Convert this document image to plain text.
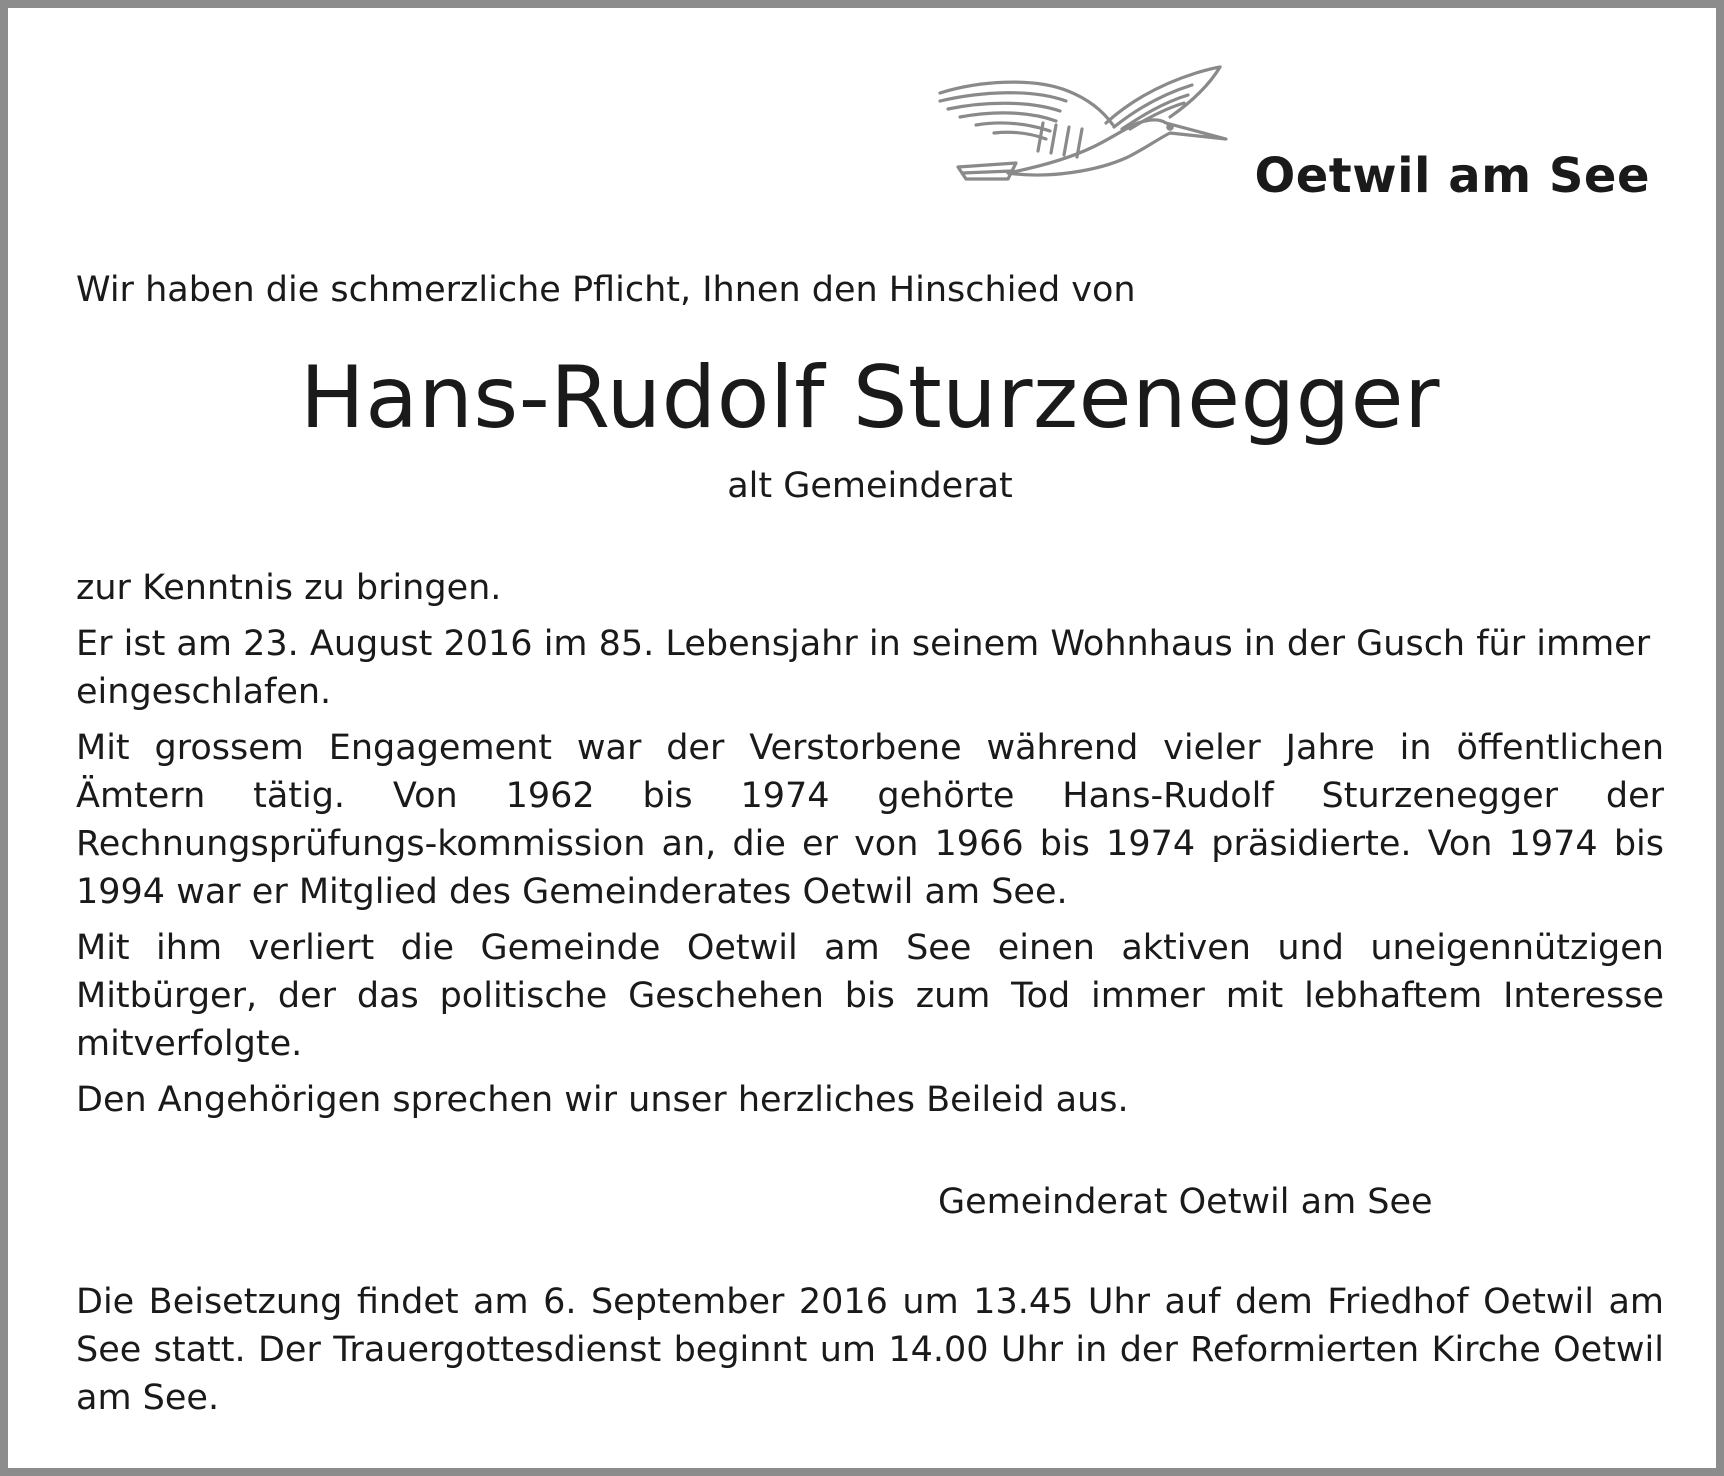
Oetwil am See
Wir haben die schmerzliche Pflicht, Ihnen den Hinschied von
Hans-Rudolf Sturzenegger
alt Gemeinderat

zur Kenntnis zu bringen.

Er ist am 23. August 2016 im 85. Lebensjahr in seinem Wohnhaus in der Gusch für immer eingeschlafen.

Mit grossem Engagement war der Verstorbene während vieler Jahre in öffentlichen Ämtern tätig. Von 1962 bis 1974 gehörte Hans-Rudolf Sturzenegger der Rechnungsprüfungs-kommission an, die er von 1966 bis 1974 präsidierte. Von 1974 bis 1994 war er Mitglied des Gemeinderates Oetwil am See.

Mit ihm verliert die Gemeinde Oetwil am See einen aktiven und uneigennützigen Mitbürger, der das politische Geschehen bis zum Tod immer mit lebhaftem Interesse mitverfolgte.

Den Angehörigen sprechen wir unser herzliches Beileid aus.

Gemeinderat Oetwil am See

Die Beisetzung findet am 6. September 2016 um 13.45 Uhr auf dem Friedhof Oetwil am See statt. Der Trauergottesdienst beginnt um 14.00 Uhr in der Reformierten Kirche Oetwil am See.
